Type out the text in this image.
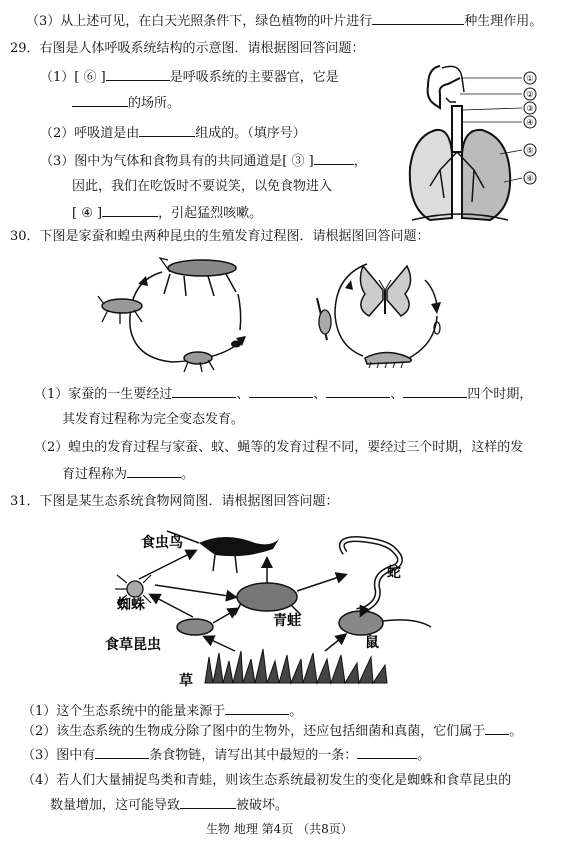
（3）从上述可见，在白天光照条件下，绿色植物的叶片进行	种生理作用。
29．右图是人体呼吸系统结构的示意图．请根据图回答问题：
（1）[ ⑥ ]	是呼吸系统的主要器官，它是
的场所。
（2）呼吸道是由	组成的。（填序号）
（3）图中为气体和食物具有的共同通道是[ ③ ]	，
因此，我们在吃饭时不要说笑，以免食物进入
[ ④ ]	，引起猛烈咳嗽。
①
②
③
④
⑤
⑥
30．下图是家蚕和蝗虫两种昆虫的生殖发育过程图．请根据图回答问题：
（1）家蚕的一生要经过	、	、	、	四个时期，
其发育过程称为完全变态发育。
（2）蝗虫的发育过程与家蚕、蚊、蝇等的发育过程不同，要经过三个时期，这样的发
育过程称为	。
31．下图是某生态系统食物网简图．请根据图回答问题：
食虫鸟
蛇
蜘蛛
青蛙
食草昆虫	鼠
草
（1）这个生态系统中的能量来源于	。
（2）该生态系统的生物成分除了图中的生物外，还应包括细菌和真菌，它们属于 。
（3）图中有	条食物链，请写出其中最短的一条：	。
（4）若人们大量捕捉鸟类和青蛙，则该生态系统最初发生的变化是蜘蛛和食草昆虫的
数量增加，这可能导致	被破坏。
生物 地理 第4页 （共8页）
